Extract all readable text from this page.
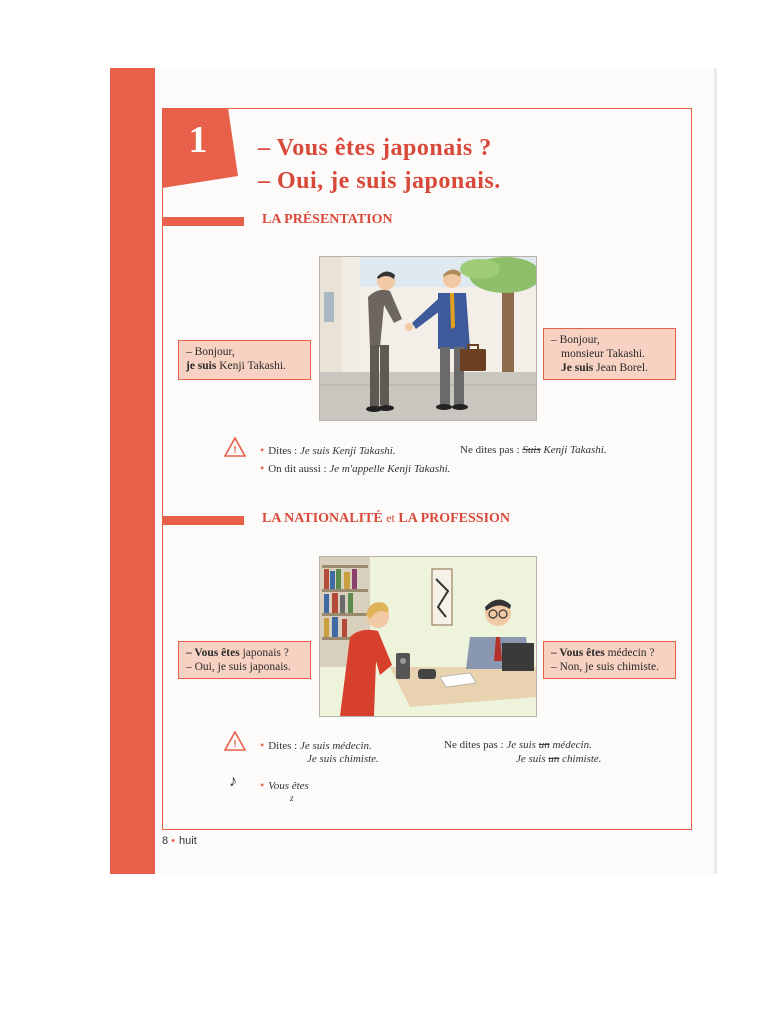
1	– Vous êtes japonais ?
– Oui, je suis japonais.
LA PRÉSENTATION
– Bonjour,
je suis Kenji Takashi.
– Bonjour,
monsieur Takashi.
Je suis Jean Borel.
! • Dites : Je suis Kenji Takashi.	Ne dites pas : Suis Kenji Takashi.
• On dit aussi : Je m'appelle Kenji Takashi.
LA NATIONALITÉ et LA PROFESSION
– Vous êtes japonais ?
– Oui, je suis japonais.
– Vous êtes médecin ?
– Non, je suis chimiste.
! • Dites : Je suis médecin.
Je suis chimiste.
Ne dites pas : Je suis un médecin.
Je suis un chimiste.
♪ • Vous êtes
z
8 • huit
